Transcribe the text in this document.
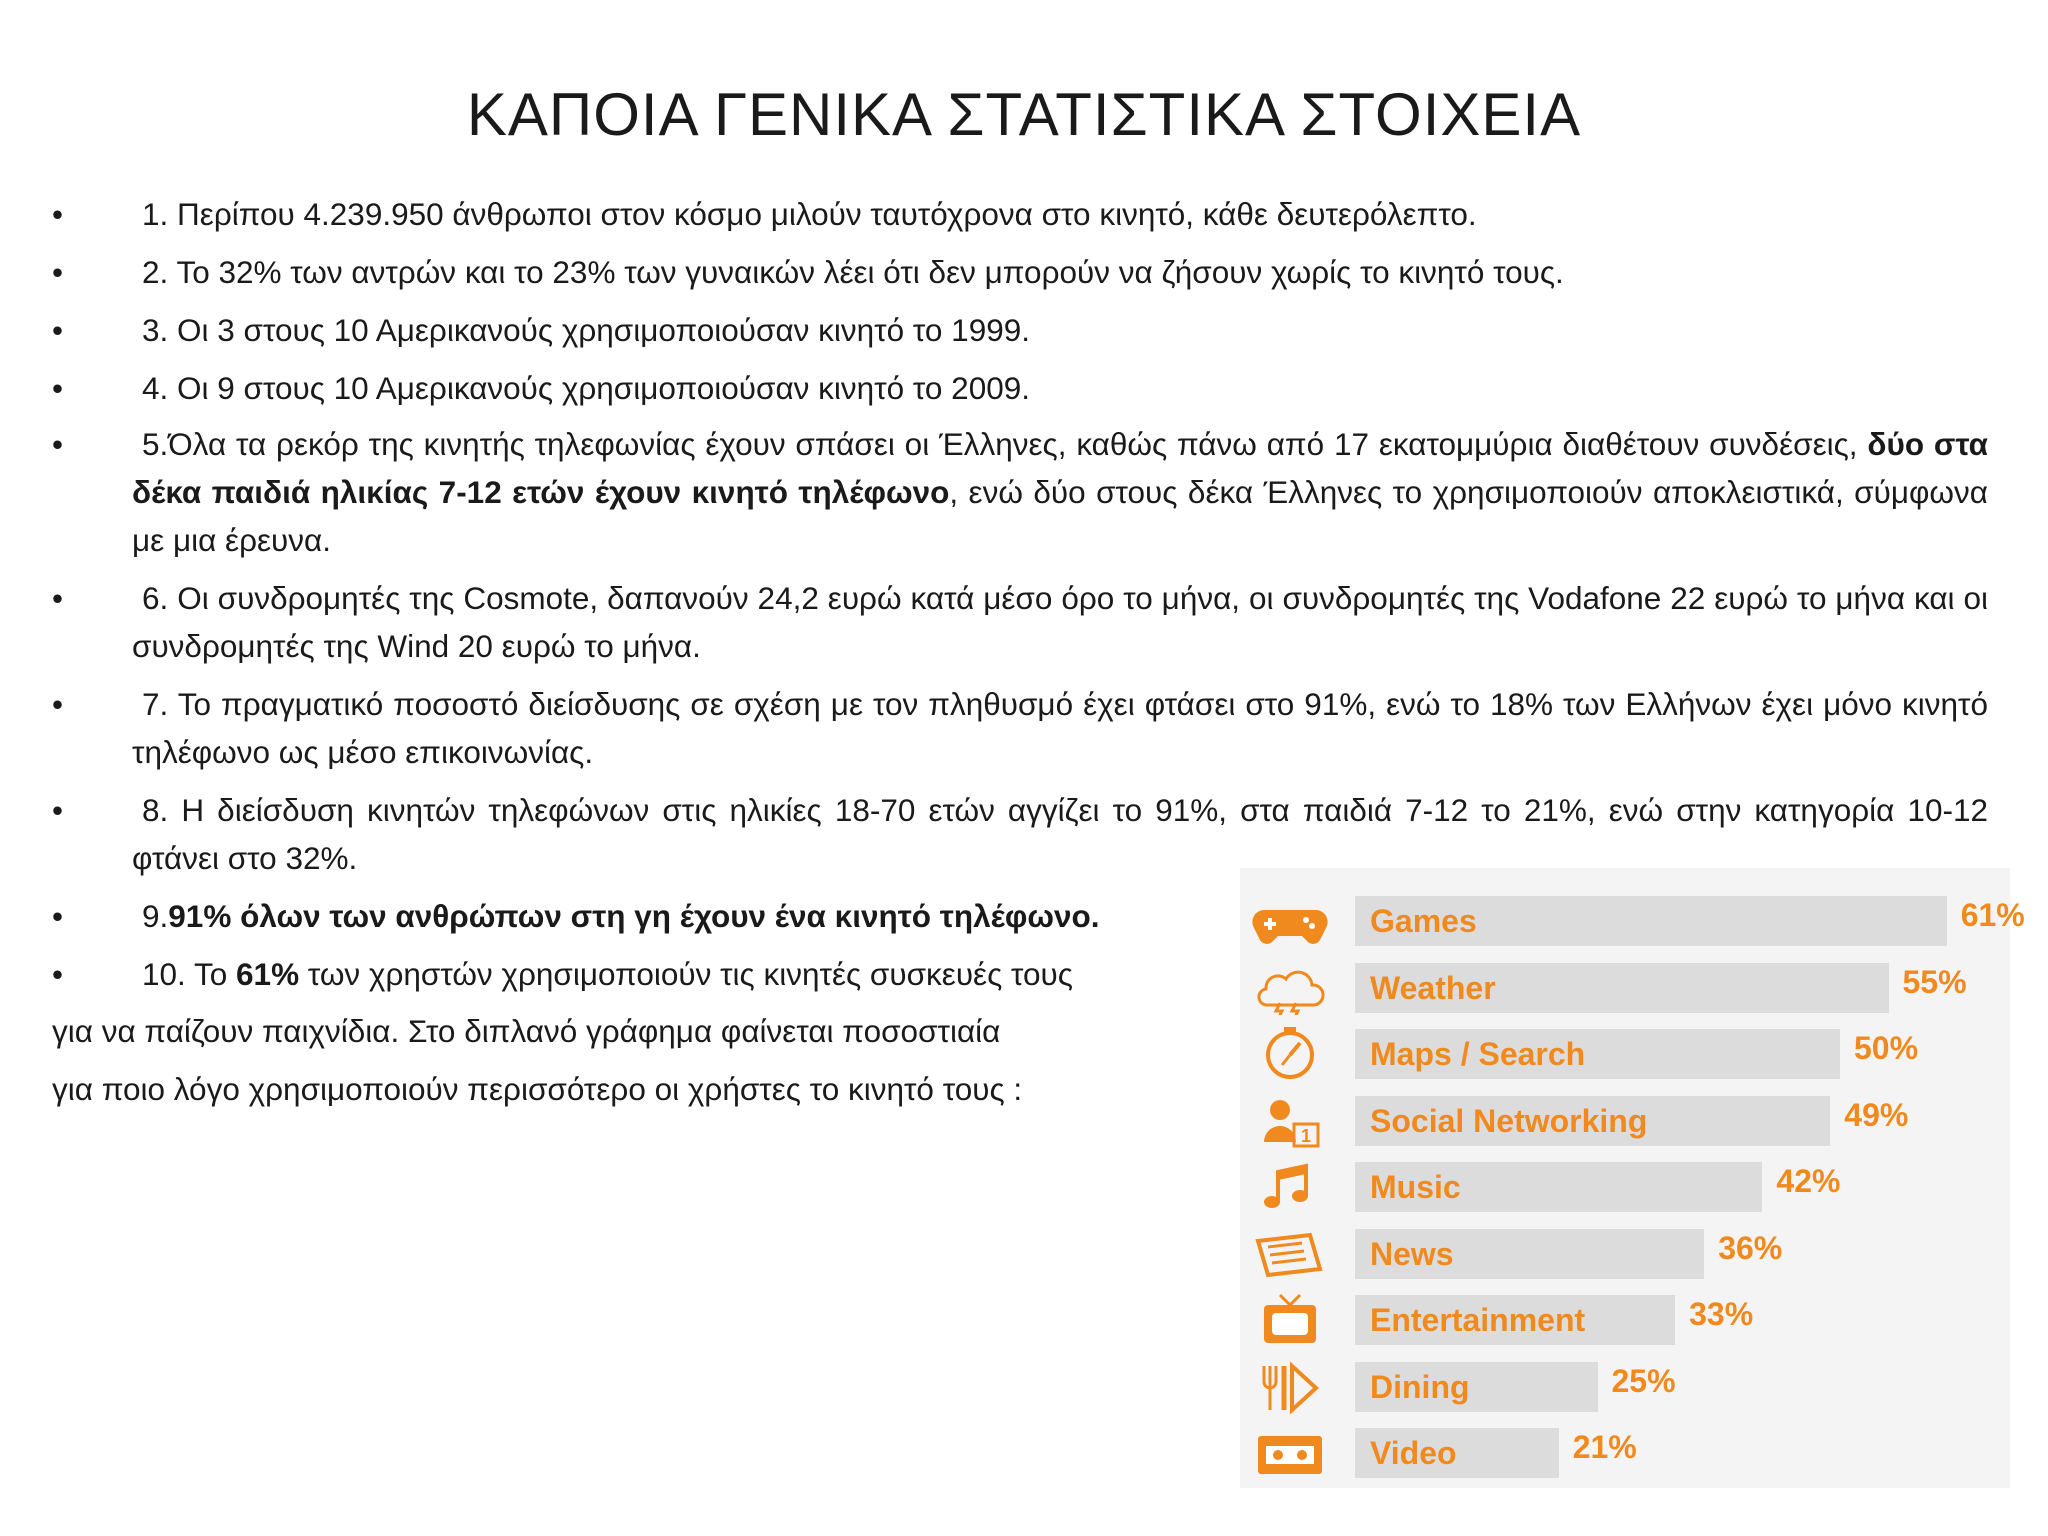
ΚΑΠΟΙΑ ΓΕΝΙΚΑ ΣΤΑΤΙΣΤΙΚΑ ΣΤΟΙΧΕΙΑ
•	1. Περίπου 4.239.950 άνθρωποι στον κόσμο μιλούν ταυτόχρονα στο κινητό, κάθε δευτερόλεπτο.
•	2. Το 32% των αντρών και το 23% των γυναικών λέει ότι δεν μπορούν να ζήσουν χωρίς το κινητό τους.
•	3. Οι 3 στους 10 Αμερικανούς χρησιμοποιούσαν κινητό το 1999.
•	4. Οι 9 στους 10 Αμερικανούς χρησιμοποιούσαν κινητό το 2009.
•	5.Όλα τα ρεκόρ της κινητής τηλεφωνίας έχουν σπάσει οι Έλληνες, καθώς πάνω από 17 εκατομμύρια διαθέτουν συνδέσεις, δύο στα δέκα παιδιά ηλικίας 7-12 ετών έχουν κινητό τηλέφωνο, ενώ δύο στους δέκα Έλληνες το χρησιμοποιούν αποκλειστικά, σύμφωνα με μια έρευνα.
•	6. Οι συνδρομητές της Cosmote, δαπανούν 24,2 ευρώ κατά μέσο όρο το μήνα, οι συνδρομητές της Vodafone 22 ευρώ το μήνα και οι συνδρομητές της Wind 20 ευρώ το μήνα.
•	7. Το πραγματικό ποσοστό διείσδυσης σε σχέση με τον πληθυσμό έχει φτάσει στο 91%, ενώ το 18% των Ελλήνων έχει μόνο κινητό τηλέφωνο ως μέσο επικοινωνίας.
•	8. Η διείσδυση κινητών τηλεφώνων στις ηλικίες 18-70 ετών αγγίζει το 91%, στα παιδιά 7-12 το 21%, ενώ στην κατηγορία 10-12 φτάνει στο 32%.
•	9.91% όλων των ανθρώπων στη γη έχουν ένα κινητό τηλέφωνο.
•	10. Το 61% των χρηστών χρησιμοποιούν τις κινητές συσκευές τους
για να παίζουν παιχνίδια. Στο διπλανό γράφημα φαίνεται ποσοστιαία
για ποιο λόγο χρησιμοποιούν περισσότερο οι χρήστες το κινητό τους :
Games	61%
Weather	55%
Maps / Search	50%
1 Social Networking	49%
Music	42%
News	36%
Entertainment	33%
Dining	25%
Video	21%
